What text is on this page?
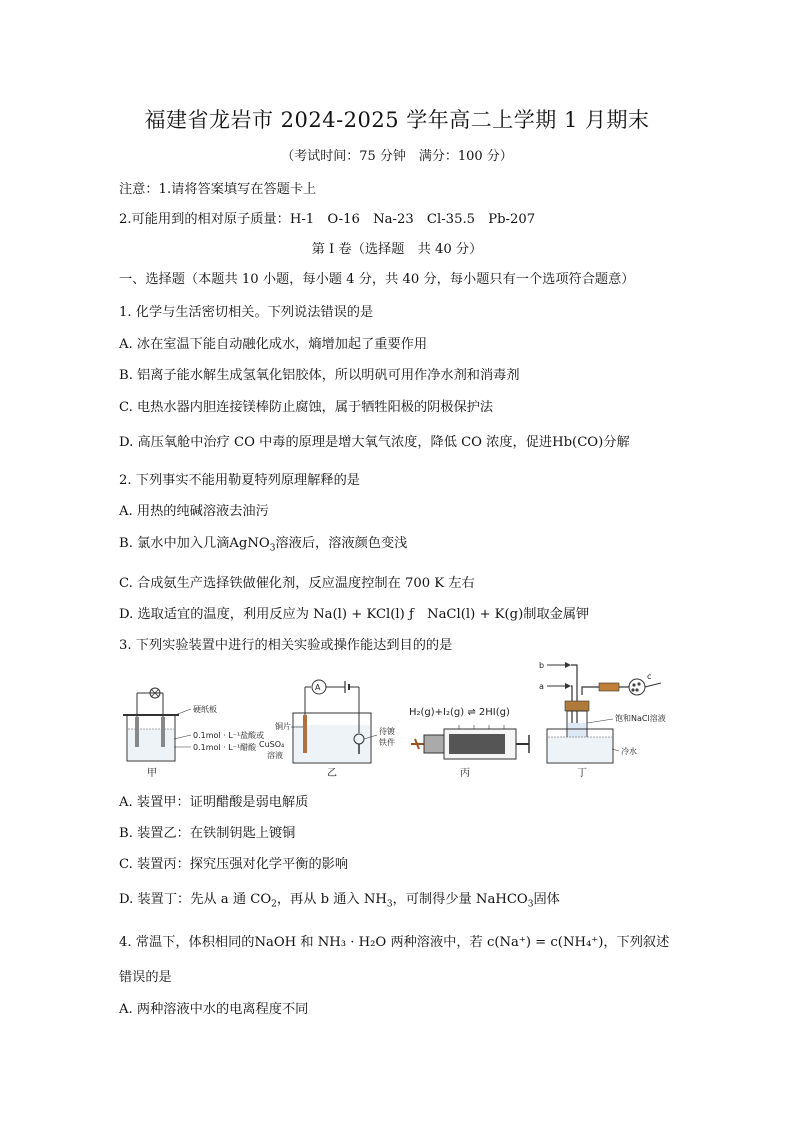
福建省龙岩市 2024-2025 学年高二上学期 1 月期末
（考试时间：75 分钟　满分：100 分）
注意：1.请将答案填写在答题卡上
2.可能用到的相对原子质量：H-1　O-16　Na-23　Cl-35.5　Pb-207
第 I 卷（选择题　共 40 分）
一、选择题（本题共 10 小题，每小题 4 分，共 40 分，每小题只有一个选项符合题意）
1. 化学与生活密切相关。下列说法错误的是
A. 冰在室温下能自动融化成水，熵增加起了重要作用
B. 铝离子能水解生成氢氧化铝胶体，所以明矾可用作净水剂和消毒剂
C. 电热水器内胆连接镁棒防止腐蚀，属于牺牲阳极的阴极保护法
D. 高压氧舱中治疗 CO 中毒的原理是增大氧气浓度，降低 CO 浓度，促进Hb(CO)分解
2. 下列事实不能用勒夏特列原理解释的是
A. 用热的纯碱溶液去油污
B. 氯水中加入几滴AgNO$_3$溶液后，溶液颜色变浅
C. 合成氨生产选择铁做催化剂，反应温度控制在 700 K 左右
D. 选取适宜的温度，利用反应为 Na(l) + KCl(l) ƒ　NaCl(l) + K(g)制取金属钾
3. 下列实验装置中进行的相关实验或操作能达到目的的是
硬纸板
0.1mol · L⁻¹盐酸或
0.1mol · L⁻¹醋酸
甲
A
铜片
CuSO₄
溶液
待镀
铁件
乙
H₂(g)+I₂(g) ⇌ 2HI(g)
丙
b
a
c
饱和NaCl溶液
冷水
丁
A. 装置甲：证明醋酸是弱电解质
B. 装置乙：在铁制钥匙上镀铜
C. 装置丙：探究压强对化学平衡的影响
D. 装置丁：先从 a 通 $CO_2$，再从 b 通入 $NH_3$，可制得少量 NaHCO$_3$固体
4. 常温下，体积相同的NaOH 和 NH₃ · H₂O 两种溶液中，若 c(Na⁺) = c(NH₄⁺)，下列叙述
错误的是
A. 两种溶液中水的电离程度不同
